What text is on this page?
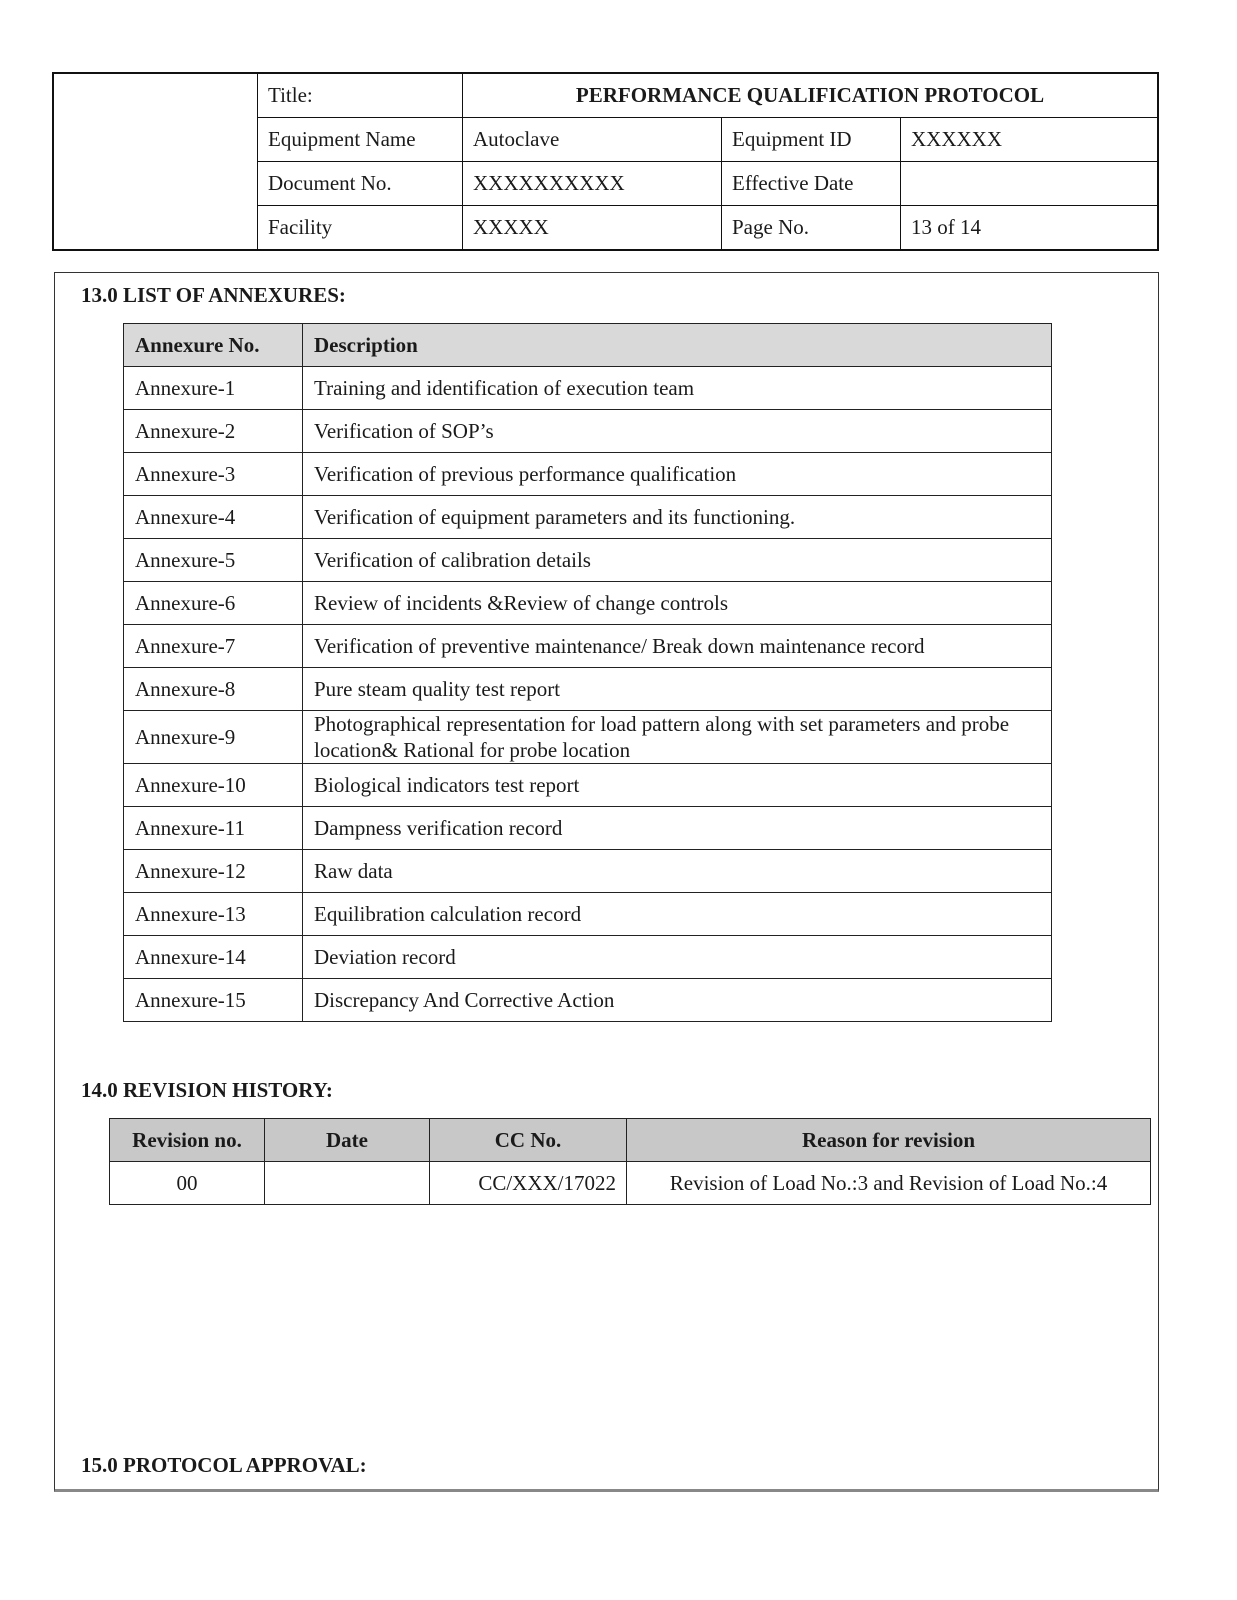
	Title:	PERFORMANCE QUALIFICATION PROTOCOL		
	Equipment Name	Autoclave	Equipment ID	XXXXXX
	Document No.	XXXXXXXXXX	Effective Date	
	Facility	XXXXX	Page No.	13 of 14
13.0 LIST OF ANNEXURES:
Annexure No.	Description
Annexure-1	Training and identification of execution team
Annexure-2	Verification of SOP’s
Annexure-3	Verification of previous performance qualification
Annexure-4	Verification of equipment parameters and its functioning.
Annexure-5	Verification of calibration details
Annexure-6	Review of incidents &Review of change controls
Annexure-7	Verification of preventive maintenance/ Break down maintenance record
Annexure-8	Pure steam quality test report
Annexure-9	Photographical representation for load pattern along with set parameters and probe location& Rational for probe location
Annexure-10	Biological indicators test report
Annexure-11	Dampness verification record
Annexure-12	Raw data
Annexure-13	Equilibration calculation record
Annexure-14	Deviation record
Annexure-15	Discrepancy And Corrective Action
14.0 REVISION HISTORY:
Revision no.	Date	CC No.	Reason for revision
00		CC/XXX/17022	Revision of Load No.:3 and Revision of Load No.:4
15.0 PROTOCOL APPROVAL:
